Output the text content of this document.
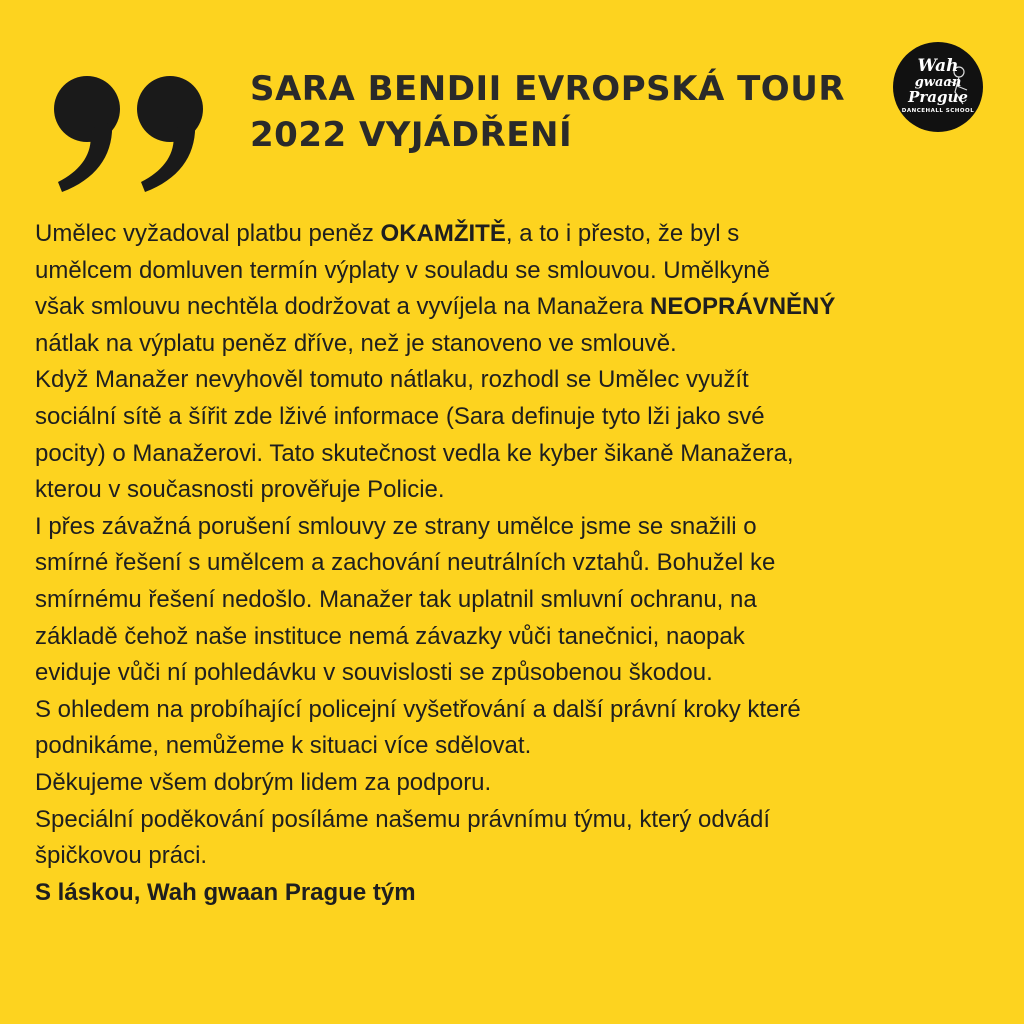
SARA BENDII EVROPSKÁ TOUR
2022 VYJÁDŘENÍ
Wah
gwaan
Prague
DANCEHALL SCHOOL
Umělec vyžadoval platbu peněz OKAMŽITĚ, a to i přesto, že byl s
umělcem domluven termín výplaty v souladu se smlouvou. Umělkyně
však smlouvu nechtěla dodržovat a vyvíjela na Manažera NEOPRÁVNĚNÝ
nátlak na výplatu peněz dříve, než je stanoveno ve smlouvě.
Když Manažer nevyhověl tomuto nátlaku, rozhodl se Umělec využít
sociální sítě a šířit zde lživé informace (Sara definuje tyto lži jako své
pocity) o Manažerovi. Tato skutečnost vedla ke kyber šikaně Manažera,
kterou v současnosti prověřuje Policie.
I přes závažná porušení smlouvy ze strany umělce jsme se snažili o
smírné řešení s umělcem a zachování neutrálních vztahů. Bohužel ke
smírnému řešení nedošlo. Manažer tak uplatnil smluvní ochranu, na
základě čehož naše instituce nemá závazky vůči tanečnici, naopak
eviduje vůči ní pohledávku v souvislosti se způsobenou škodou.
S ohledem na probíhající policejní vyšetřování a další právní kroky které
podnikáme, nemůžeme k situaci více sdělovat.
Děkujeme všem dobrým lidem za podporu.
Speciální poděkování posíláme našemu právnímu týmu, který odvádí
špičkovou práci.
S láskou, Wah gwaan Prague tým
